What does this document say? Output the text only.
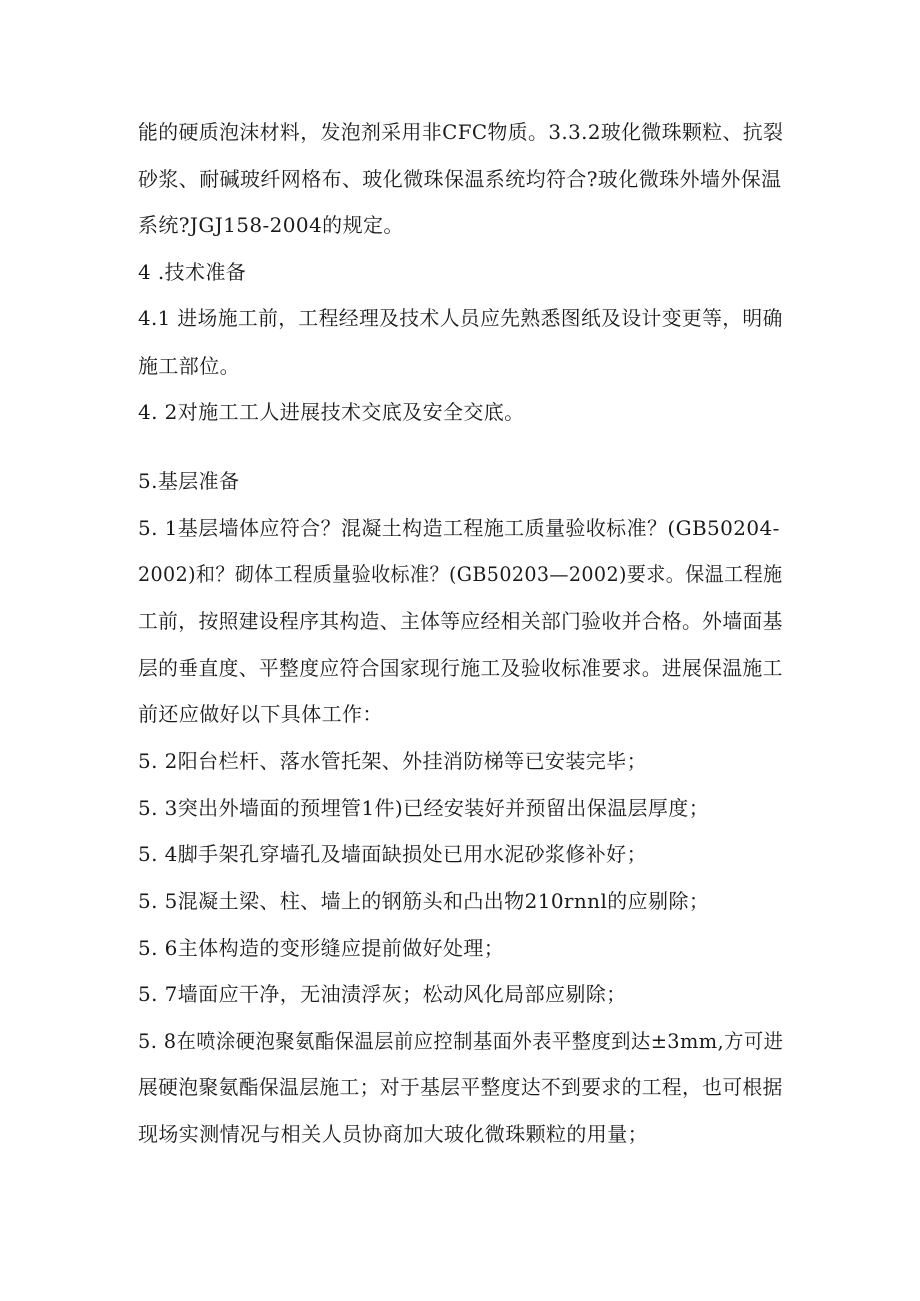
能的硬质泡沫材料，发泡剂采用非CFC物质。3.3.2玻化微珠颗粒、抗裂
砂浆、耐碱玻纤网格布、玻化微珠保温系统均符合?玻化微珠外墙外保温
系统?JGJ158-2004的规定。
4 .技术准备
4.1 进场施工前，工程经理及技术人员应先熟悉图纸及设计变更等，明确
施工部位。
4. 2对施工工人进展技术交底及安全交底。
5.基层准备
5. 1基层墙体应符合？混凝土构造工程施工质量验收标准？(GB50204-
2002)和？砌体工程质量验收标准？(GB50203—2002)要求。保温工程施
工前，按照建设程序其构造、主体等应经相关部门验收并合格。外墙面基
层的垂直度、平整度应符合国家现行施工及验收标准要求。进展保温施工
前还应做好以下具体工作：
5. 2阳台栏杆、落水管托架、外挂消防梯等已安装完毕；
5. 3突出外墙面的预埋管1件)已经安装好并预留出保温层厚度；
5. 4脚手架孔穿墙孔及墙面缺损处已用水泥砂浆修补好；
5. 5混凝土梁、柱、墙上的钢筋头和凸出物210rnnl的应剔除；
5. 6主体构造的变形缝应提前做好处理；
5. 7墙面应干净，无油渍浮灰；松动风化局部应剔除；
5. 8在喷涂硬泡聚氨酯保温层前应控制基面外表平整度到达±3mm,方可进
展硬泡聚氨酯保温层施工；对于基层平整度达不到要求的工程，也可根据
现场实测情况与相关人员协商加大玻化微珠颗粒的用量；
